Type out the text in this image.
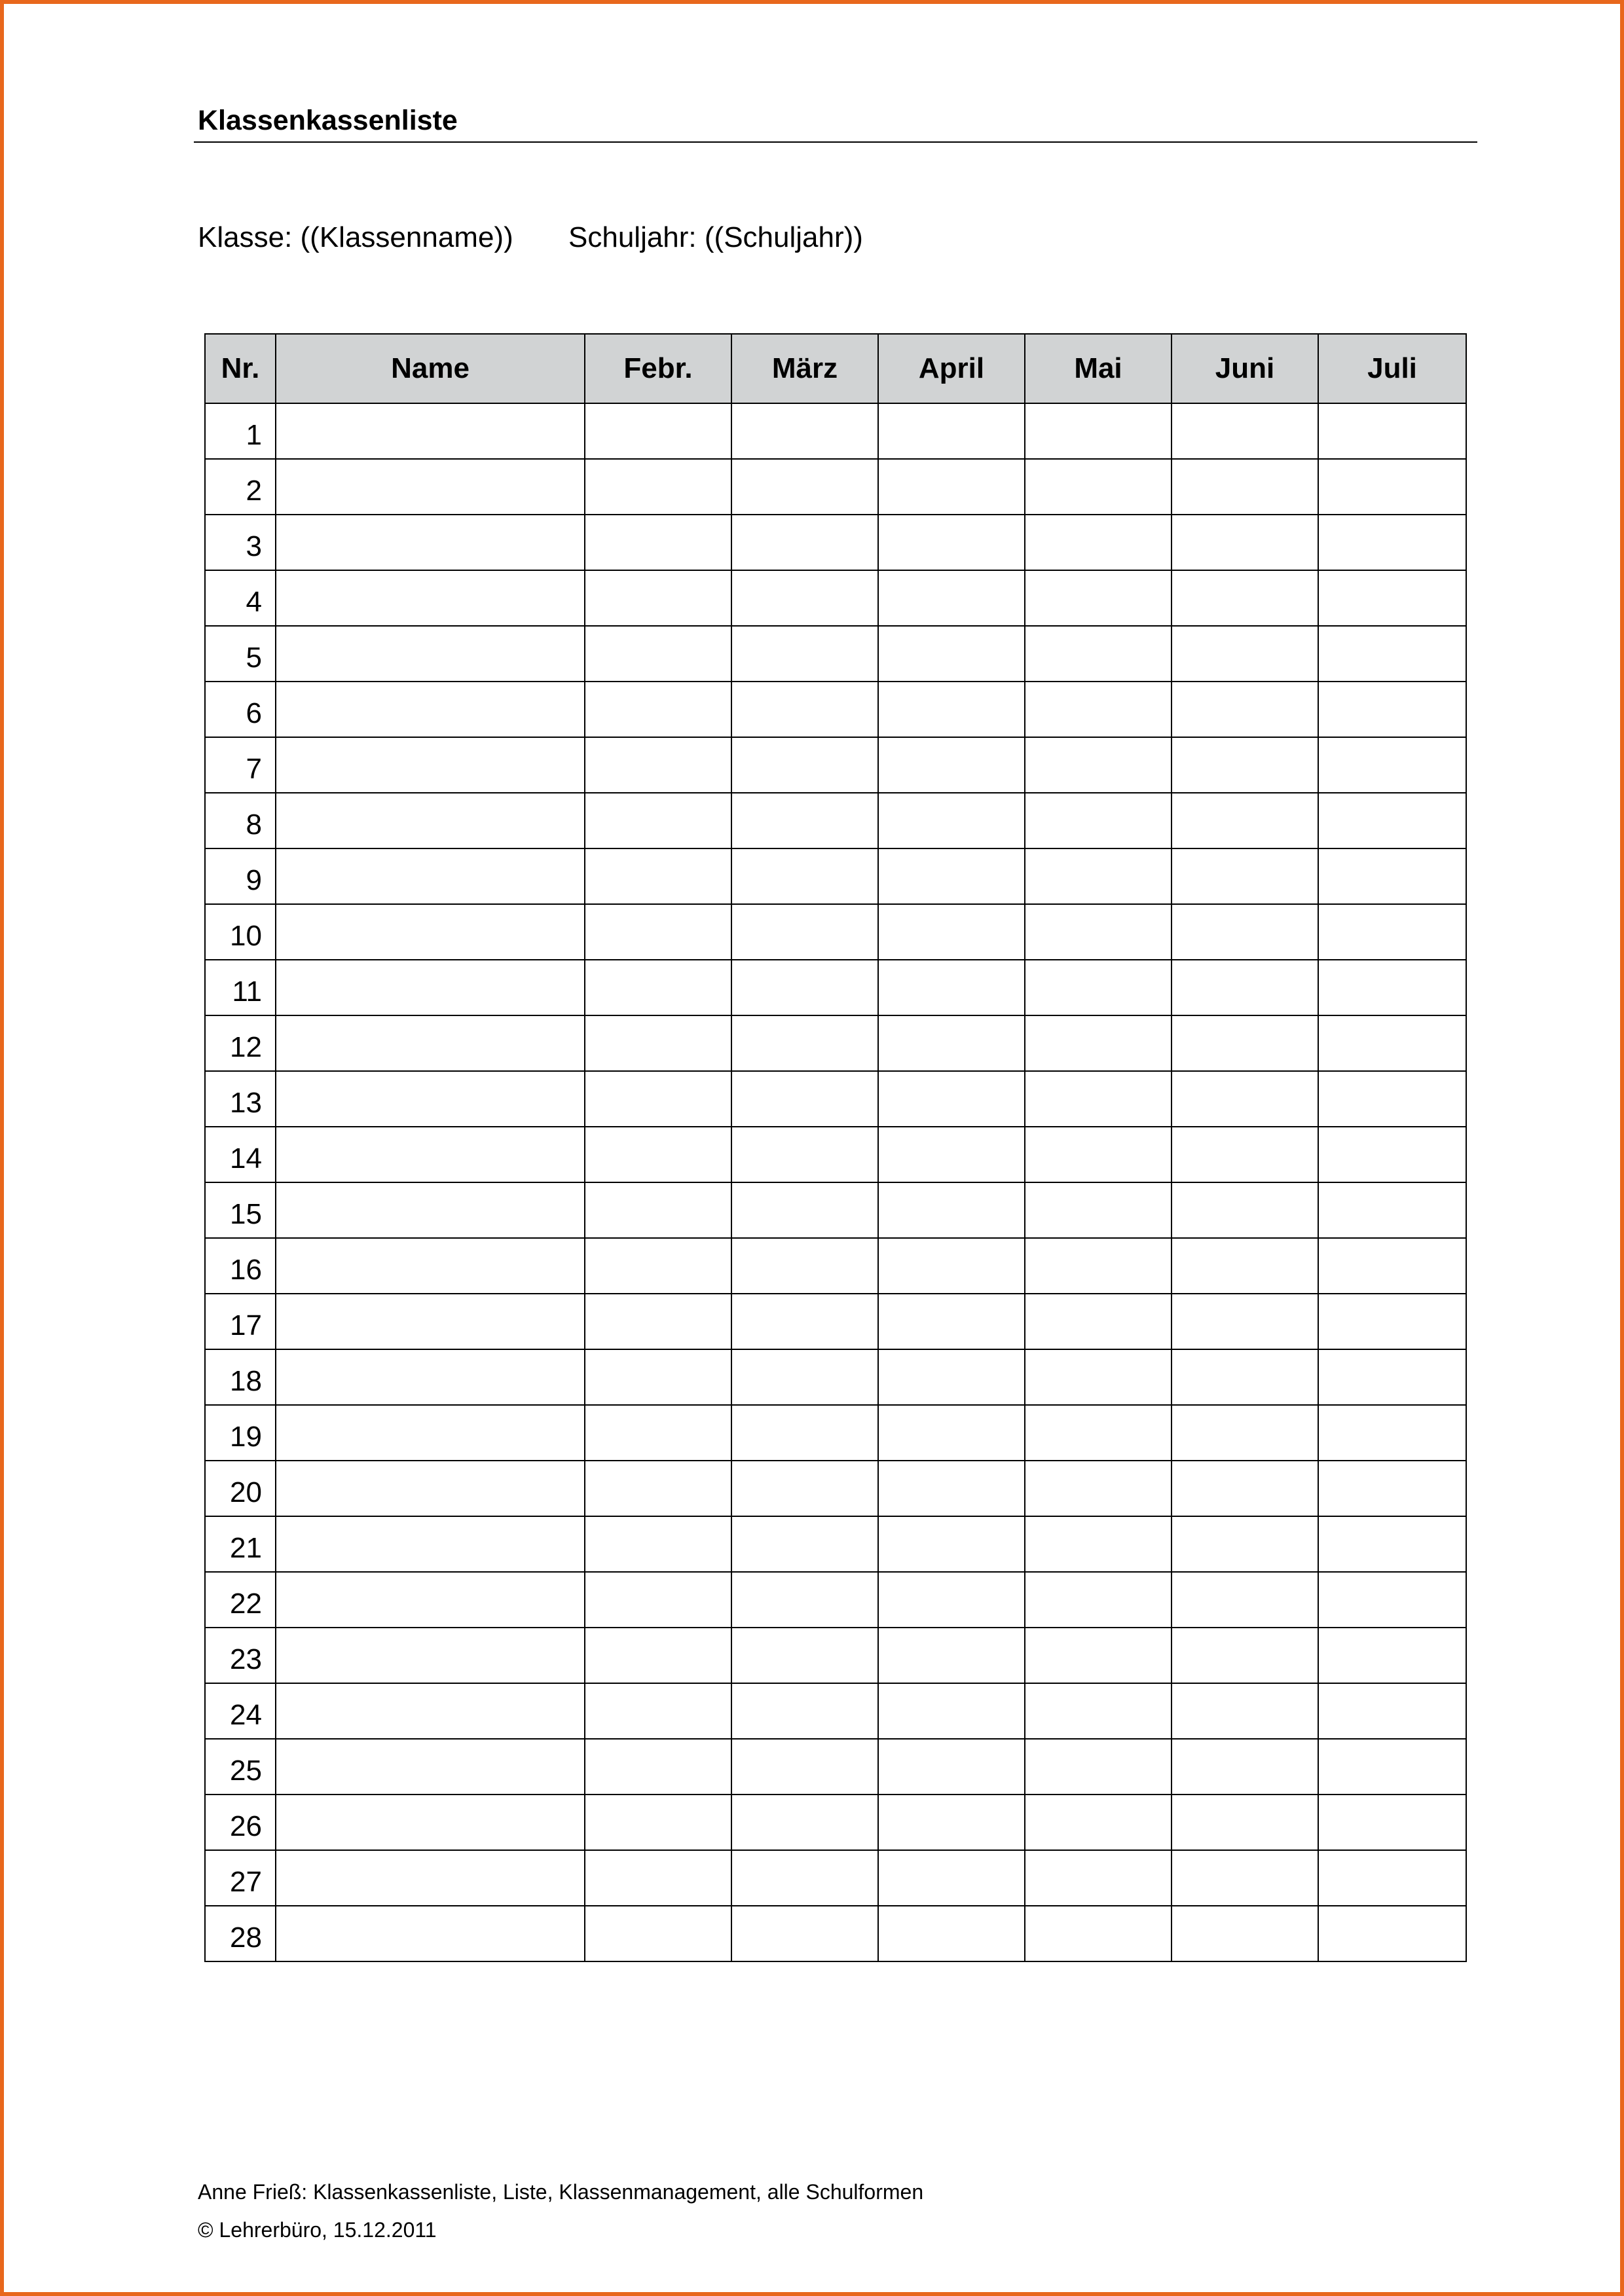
Klassenkassenliste
Klasse: ((Klassenname)) Schuljahr: ((Schuljahr))
Nr.	Name	Febr.	März	April	Mai	Juni	Juli
1							
2							
3							
4							
5							
6							
7							
8							
9							
10							
11							
12							
13							
14							
15							
16							
17							
18							
19							
20							
21							
22							
23							
24							
25							
26							
27							
28							
Anne Frieß: Klassenkassenliste, Liste, Klassenmanagement, alle Schulformen
© Lehrerbüro, 15.12.2011
